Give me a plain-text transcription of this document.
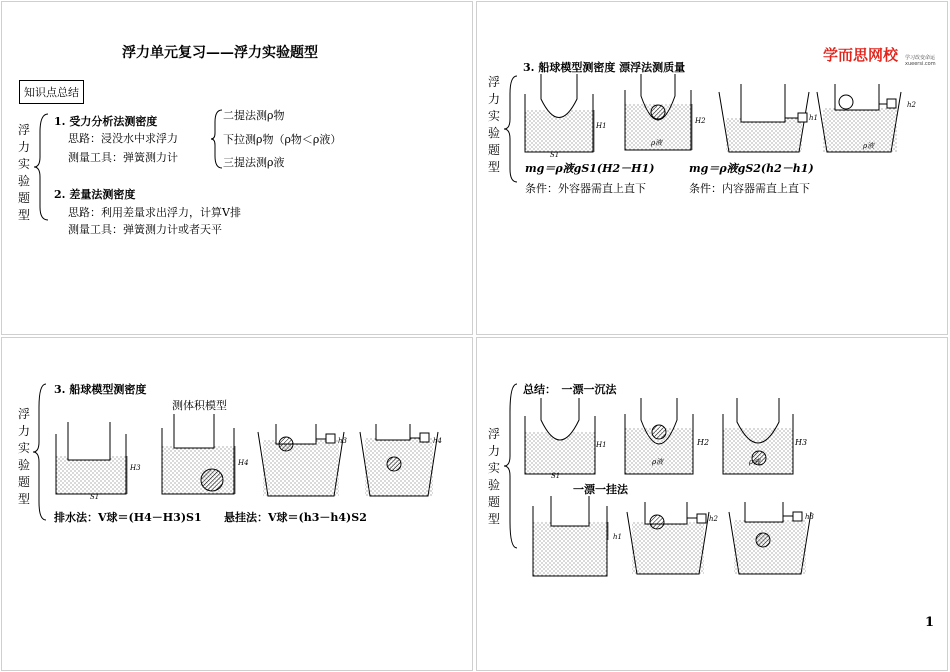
浮力单元复习——浮力实验题型
知识点总结
浮力实验题型
1. 受力分析法测密度
思路：浸没水中求浮力
测量工具：弹簧测力计
二提法测ρ物
下拉测ρ物（ρ物＜ρ液）
三提法测ρ液
2. 差量法测密度
思路：利用差量求出浮力，计算V排
测量工具：弹簧测力计或者天平
学而思网校 学习改变命运 xueersi.com
浮力实验题型
3. 船球模型测密度 漂浮法测质量
H1
S1
H2
ρ液
h1
h2
ρ液
mg＝ρ液gS1(H2－H1)	mg＝ρ液gS2(h2－h1)
条件：外容器需直上直下	条件：内容器需直上直下
浮力实验题型
3. 船球模型测密度
测体积模型
H3
S1
H4
h3	h4
排水法：V球＝(H4－H3)S1 悬挂法：V球＝(h3－h4)S2
浮力实验题型
总结：　一漂一沉法
H1
S1
H2
ρ液
H3
ρ液
一漂一挂法
h1
h2	h3
1
